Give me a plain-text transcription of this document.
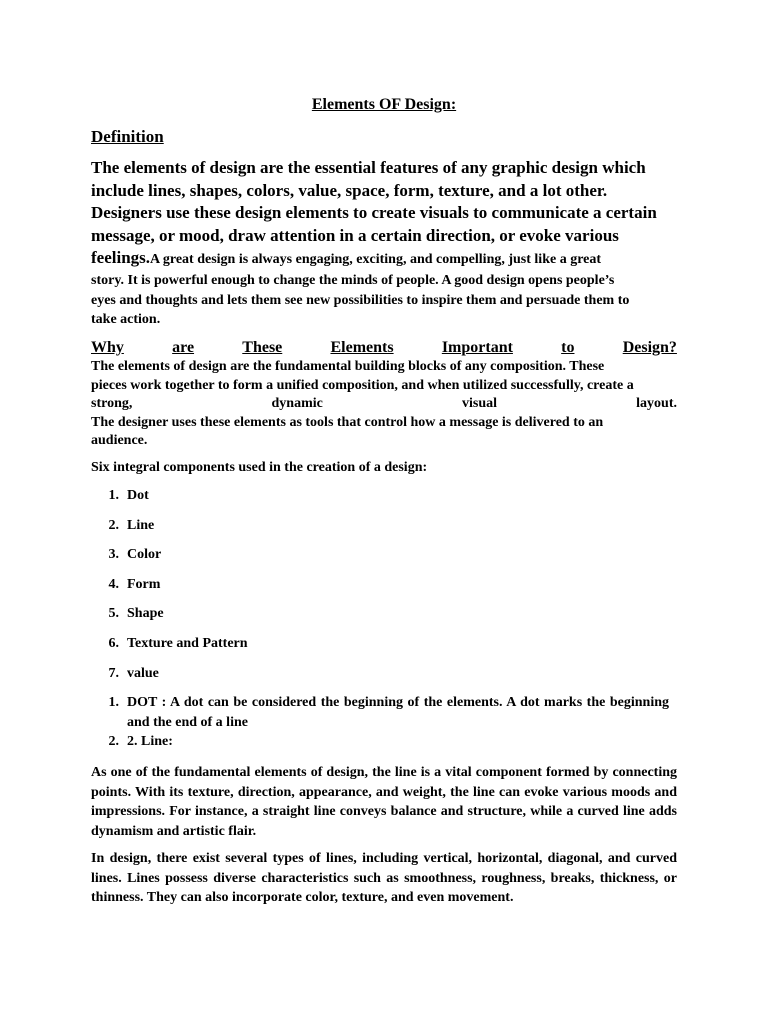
Elements OF Design:
Definition
The elements of design are the essential features of any graphic design which
include lines, shapes, colors, value, space, form, texture, and a lot other.
Designers use these design elements to create visuals to communicate a certain
message, or mood, draw attention in a certain direction, or evoke various
feelings.A great design is always engaging, exciting, and compelling, just like a great
story. It is powerful enough to change the minds of people. A good design opens people’s
eyes and thoughts and lets them see new possibilities to inspire them and persuade them to
take action.
Why	are	These	Elements	Important	to	Design?
The elements of design are the fundamental building blocks of any composition. These
pieces work together to form a unified composition, and when utilized successfully, create a
strong,	dynamic	visual	layout.
The designer uses these elements as tools that control how a message is delivered to an
audience.
Six integral components used in the creation of a design:
1. Dot
2. Line
3. Color
4. Form
5. Shape
6. Texture and Pattern
7. value
1. DOT : A dot can be considered the beginning of the elements. A dot marks the beginning and the end of a line
2. 2. Line:
As one of the fundamental elements of design, the line is a vital component formed by connecting points. With its texture, direction, appearance, and weight, the line can evoke various moods and impressions. For instance, a straight line conveys balance and structure, while a curved line adds dynamism and artistic flair.
In design, there exist several types of lines, including vertical, horizontal, diagonal, and curved lines. Lines possess diverse characteristics such as smoothness, roughness, breaks, thickness, or thinness. They can also incorporate color, texture, and even movement.
